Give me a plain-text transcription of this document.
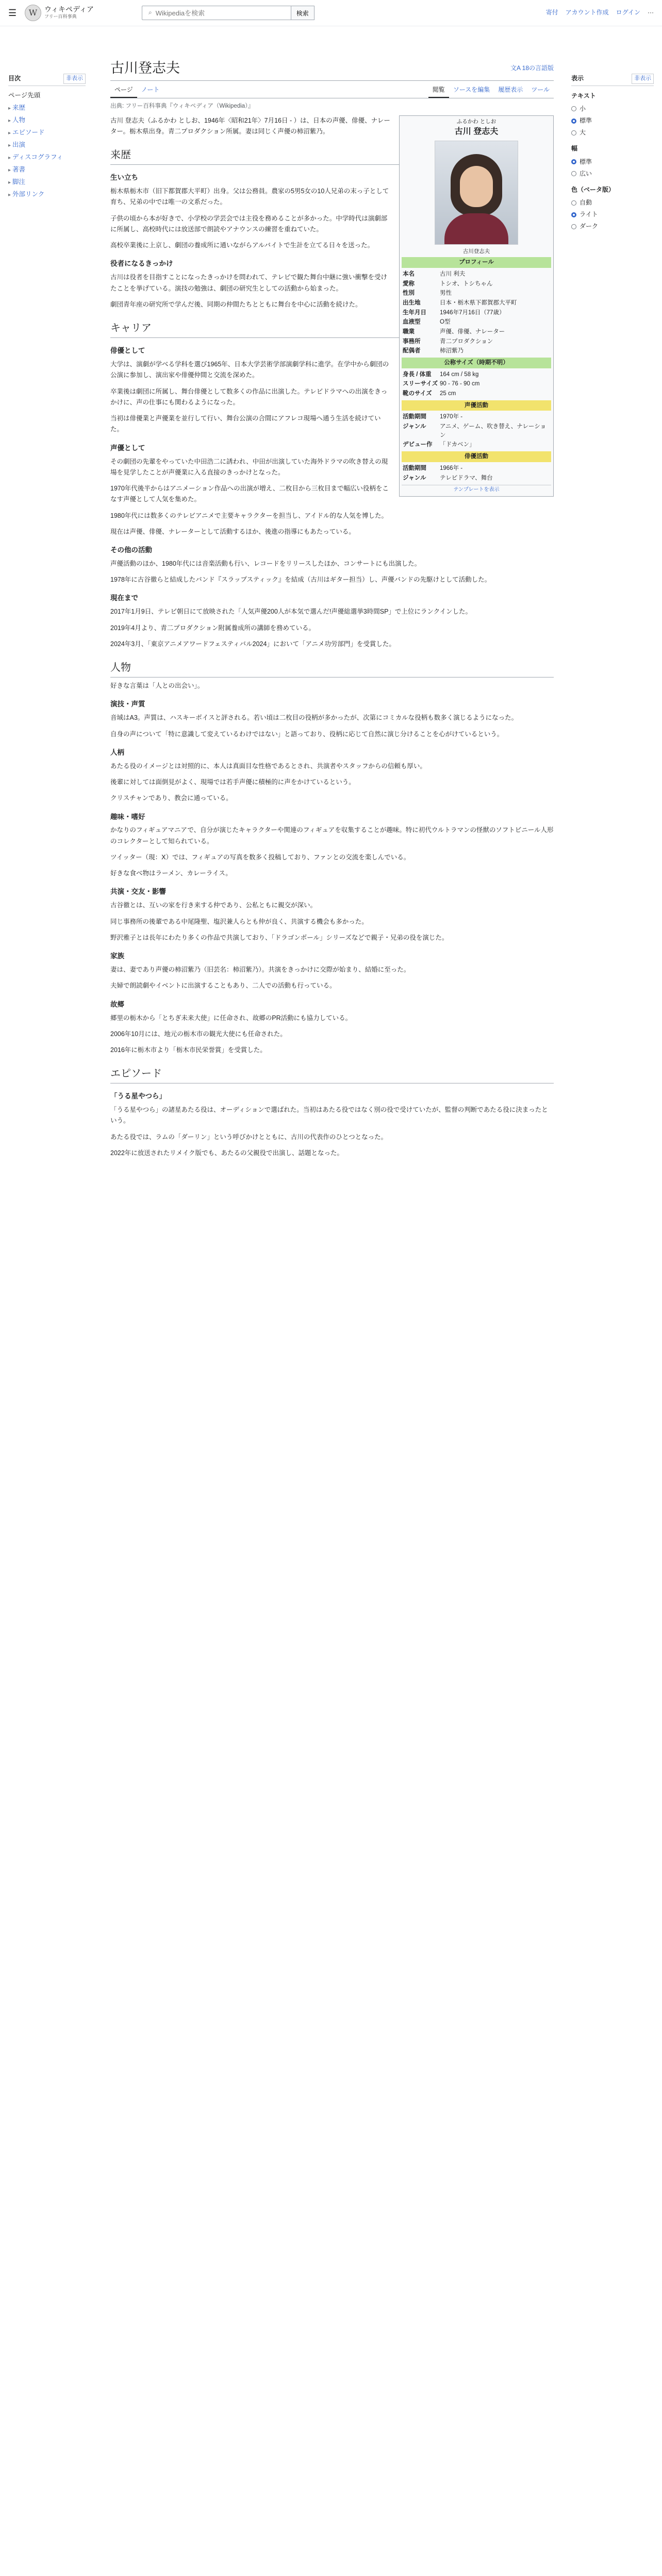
☰	W ウィキペディア
フリー百科事典
⌕
Wikipediaを検索	検索	寄付 アカウント作成 ログイン ···
目次	非表示
ページ先頭
▸ 来歴
▸ 人物
▸ エピソード
▸ 出演
▸ ディスコグラフィ
▸ 著書
▸ 脚注
▸ 外部リンク
古川登志夫	文A 18の言語版
ページ	ノート	閲覧	ソースを編集	履歴表示	ツール
出典: フリー百科事典『ウィキペディア（Wikipedia）』
ふるかわ としお
古川 登志夫
古川登志夫
プロフィール
本名	古川 利夫
愛称	トシオ、トシちゃん
性別	男性
出生地	日本・栃木県下都賀郡大平町
生年月日	1946年7月16日（77歳）
血液型	O型
職業	声優、俳優、ナレーター
事務所	青二プロダクション
配偶者	柿沼紫乃
公称サイズ（時期不明）
身長 / 体重	164 cm / 58 kg
スリーサイズ 90 - 76 - 90 cm
靴のサイズ	25 cm
声優活動
活動期間	1970年 -
ジャンル	アニメ、ゲーム、吹き替え、ナレーション
デビュー作	「ドカベン」
俳優活動
活動期間	1966年 -
ジャンル	テレビドラマ、舞台
テンプレートを表示

古川 登志夫（ふるかわ としお、1946年〈昭和21年〉7月16日 - ）は、日本の声優、俳優、ナレーター。栃木県出身。青二プロダクション所属。妻は同じく声優の柿沼紫乃。

来歴
生い立ち

栃木県栃木市（旧下都賀郡大平町）出身。父は公務員。農家の5男5女の10人兄弟の末っ子として育ち、兄弟の中では唯一の文系だった。

子供の頃から本が好きで、小学校の学芸会では主役を務めることが多かった。中学時代は演劇部に所属し、高校時代には放送部で朗読やアナウンスの練習を重ねていた。

高校卒業後に上京し、劇団の養成所に通いながらアルバイトで生計を立てる日々を送った。

役者になるきっかけ

古川は役者を目指すことになったきっかけを問われて、テレビで観た舞台中継に強い衝撃を受けたことを挙げている。演技の勉強は、劇団の研究生としての活動から始まった。

劇団青年座の研究所で学んだ後、同期の仲間たちとともに舞台を中心に活動を続けた。

キャリア
俳優として

大学は、演劇が学べる学科を選び1965年、日本大学芸術学部演劇学科に進学。在学中から劇団の公演に参加し、演出家や俳優仲間と交流を深めた。

卒業後は劇団に所属し、舞台俳優として数多くの作品に出演した。テレビドラマへの出演をきっかけに、声の仕事にも関わるようになった。

当初は俳優業と声優業を並行して行い、舞台公演の合間にアフレコ現場へ通う生活を続けていた。

声優として

その劇団の先輩をやっていた中田浩二に誘われ、中田が出演していた海外ドラマの吹き替えの現場を見学したことが声優業に入る直接のきっかけとなった。

1970年代後半からはアニメーション作品への出演が増え、二枚目から三枚目まで幅広い役柄をこなす声優として人気を集めた。

1980年代には数多くのテレビアニメで主要キャラクターを担当し、アイドル的な人気を博した。

現在は声優、俳優、ナレーターとして活動するほか、後進の指導にもあたっている。

その他の活動

声優活動のほか、1980年代には音楽活動も行い、レコードをリリースしたほか、コンサートにも出演した。

1978年に古谷徹らと結成したバンド『スラップスティック』を結成（古川はギター担当）し、声優バンドの先駆けとして活動した。

現在まで

2017年1月9日、テレビ朝日にて放映された「人気声優200人が本気で選んだ!声優総選挙3時間SP」で上位にランクインした。

2019年4月より、青二プロダクション附属養成所の講師を務めている。

2024年3月、「東京アニメアワードフェスティバル2024」において「アニメ功労部門」を受賞した。

人物

好きな言葉は「人との出会い」。

演技・声質

音域はA3。声質は、ハスキーボイスと評される。若い頃は二枚目の役柄が多かったが、次第にコミカルな役柄も数多く演じるようになった。

自身の声について「特に意識して変えているわけではない」と語っており、役柄に応じて自然に演じ分けることを心がけているという。

人柄

あたる役のイメージとは対照的に、本人は真面目な性格であるとされ、共演者やスタッフからの信頼も厚い。

後輩に対しては面倒見がよく、現場では若手声優に積極的に声をかけているという。

クリスチャンであり、教会に通っている。

趣味・嗜好

かなりのフィギュアマニアで、自分が演じたキャラクターや関連のフィギュアを収集することが趣味。特に初代ウルトラマンの怪獣のソフトビニール人形のコレクターとして知られている。

ツイッター（現：X）では、フィギュアの写真を数多く投稿しており、ファンとの交流を楽しんでいる。

好きな食べ物はラーメン、カレーライス。

共演・交友・影響

古谷徹とは、互いの家を行き来する仲であり、公私ともに親交が深い。

同じ事務所の後輩である中尾隆聖、塩沢兼人らとも仲が良く、共演する機会も多かった。

野沢雅子とは長年にわたり多くの作品で共演しており、「ドラゴンボール」シリーズなどで親子・兄弟の役を演じた。

家族

妻は、妻であり声優の柿沼紫乃（旧芸名：柿沼紫乃）。共演をきっかけに交際が始まり、結婚に至った。

夫婦で朗読劇やイベントに出演することもあり、二人での活動も行っている。

故郷

郷里の栃木から「とちぎ未来大使」に任命され、故郷のPR活動にも協力している。

2006年10月には、地元の栃木市の観光大使にも任命された。

2016年に栃木市より「栃木市民栄誉賞」を受賞した。

エピソード
「うる星やつら」

「うる星やつら」の諸星あたる役は、オーディションで選ばれた。当初はあたる役ではなく別の役で受けていたが、監督の判断であたる役に決まったという。

あたる役では、ラムの「ダーリン」という呼びかけとともに、古川の代表作のひとつとなった。

2022年に放送されたリメイク版でも、あたるの父親役で出演し、話題となった。

表示	非表示
テキスト
小
標準
大
幅
標準
広い
色（ベータ版）
自動
ライト
ダーク
